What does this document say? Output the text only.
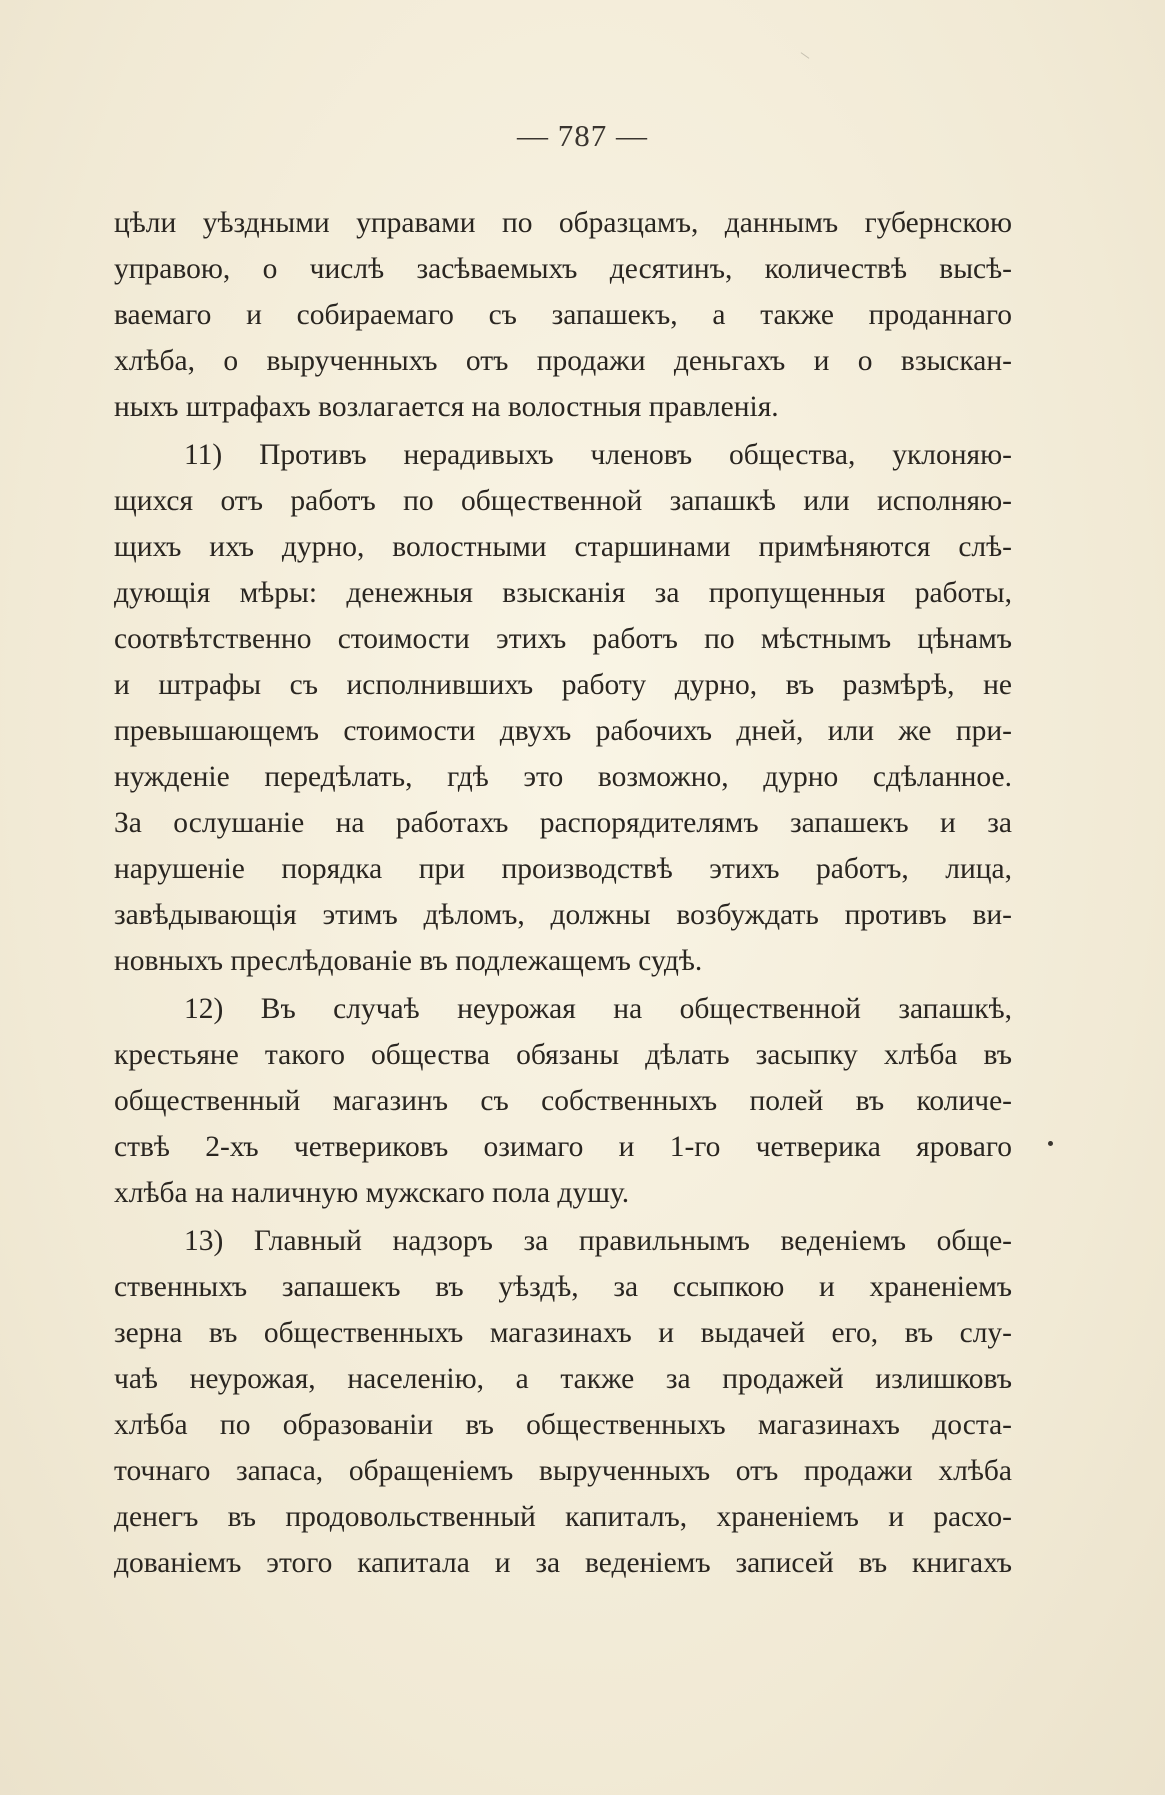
— 787 —
цѣли уѣздными управами по образцамъ, даннымъ губернскою
управою, о числѣ засѣваемыхъ десятинъ, количествѣ высѣ-
ваемаго и собираемаго съ запашекъ, а также проданнаго
хлѣба, о вырученныхъ отъ продажи деньгахъ и о взыскан-
ныхъ штрафахъ возлагается на волостныя правленія.
11) Противъ нерадивыхъ членовъ общества, уклоняю-
щихся отъ работъ по общественной запашкѣ или исполняю-
щихъ ихъ дурно, волостными старшинами примѣняются слѣ-
дующія мѣры: денежныя взысканія за пропущенныя работы,
соотвѣтственно стоимости этихъ работъ по мѣстнымъ цѣнамъ
и штрафы съ исполнившихъ работу дурно, въ размѣрѣ, не
превышающемъ стоимости двухъ рабочихъ дней, или же при-
нужденіе передѣлать, гдѣ это возможно, дурно сдѣланное.
За ослушаніе на работахъ распорядителямъ запашекъ и за
нарушеніе порядка при производствѣ этихъ работъ, лица,
завѣдывающія этимъ дѣломъ, должны возбуждать противъ ви-
новныхъ преслѣдованіе въ подлежащемъ судѣ.
12) Въ случаѣ неурожая на общественной запашкѣ,
крестьяне такого общества обязаны дѣлать засыпку хлѣба въ
общественный магазинъ съ собственныхъ полей въ количе-
ствѣ 2-хъ четвериковъ озимаго и 1-го четверика яроваго
хлѣба на наличную мужскаго пола душу.
13) Главный надзоръ за правильнымъ веденіемъ обще-
ственныхъ запашекъ въ уѣздѣ, за ссыпкою и храненіемъ
зерна въ общественныхъ магазинахъ и выдачей его, въ слу-
чаѣ неурожая, населенію, а также за продажей излишковъ
хлѣба по образованіи въ общественныхъ магазинахъ доста-
точнаго запаса, обращеніемъ вырученныхъ отъ продажи хлѣба
денегъ въ продовольственный капиталъ, храненіемъ и расхо-
дованіемъ этого капитала и за веденіемъ записей въ книгахъ
